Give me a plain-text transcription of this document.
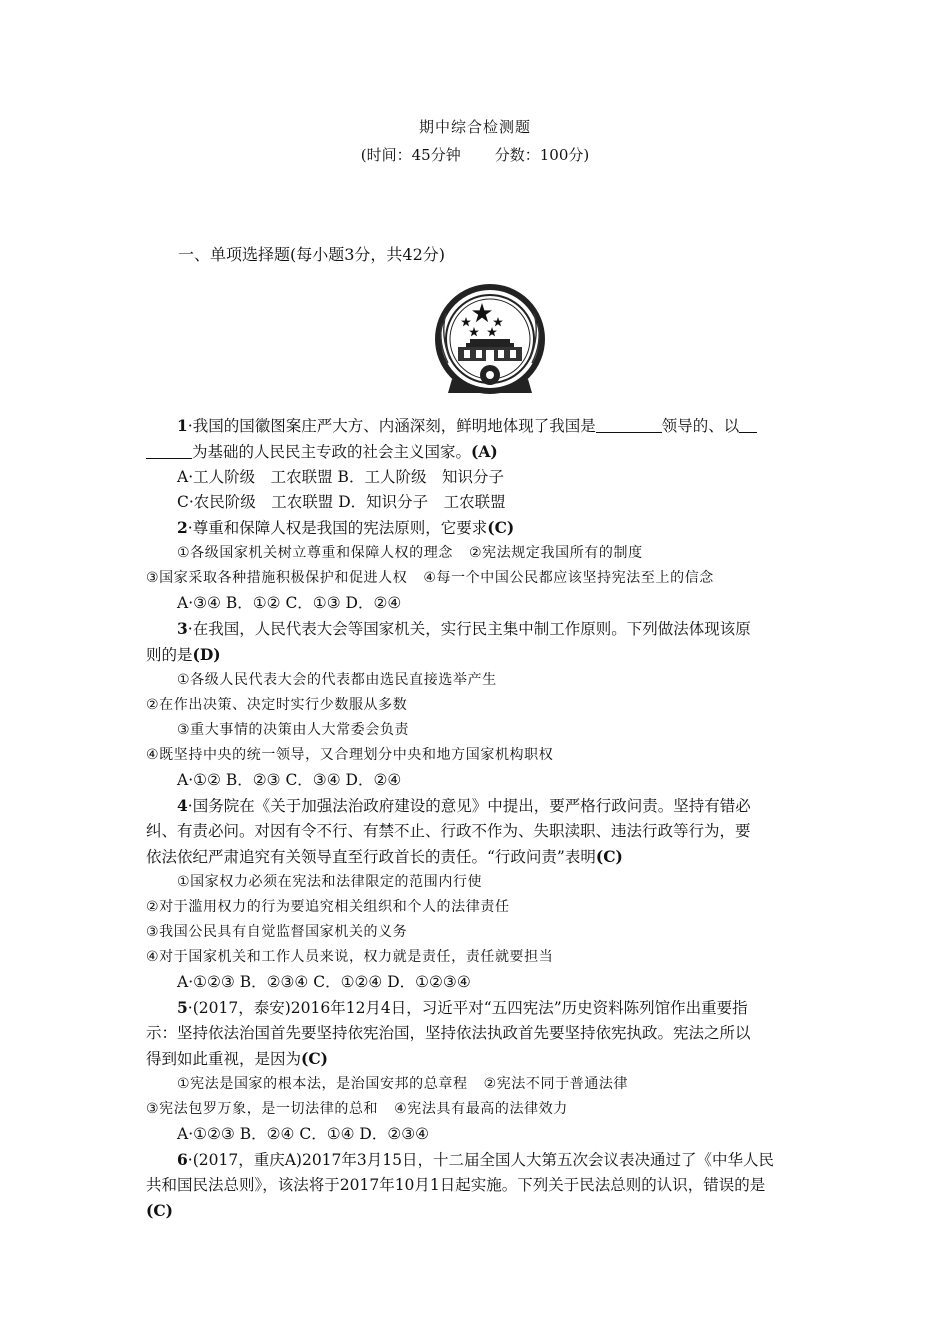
期中综合检测题
(时间：45分钟 分数：100分)
一、单项选择题(每小题3分，共42分)

1·我国的国徽图案庄严大方、内涵深刻，鲜明地体现了我国是	领导的、以

为基础的人民民主专政的社会主义国家。(A)

A·工人阶级　工农联盟 B．工人阶级　知识分子

C·农民阶级　工农联盟 D．知识分子　工农联盟

2·尊重和保障人权是我国的宪法原则，它要求(C)

①各级国家机关树立尊重和保障人权的理念 ②宪法规定我国所有的制度

③国家采取各种措施积极保护和促进人权 ④每一个中国公民都应该坚持宪法至上的信念

A·③④ B．①② C．①③ D．②④

3·在我国，人民代表大会等国家机关，实行民主集中制工作原则。下列做法体现该原

则的是(D)

①各级人民代表大会的代表都由选民直接选举产生

②在作出决策、决定时实行少数服从多数

③重大事情的决策由人大常委会负责

④既坚持中央的统一领导，又合理划分中央和地方国家机构职权

A·①② B．②③ C．③④ D．②④

4·国务院在《关于加强法治政府建设的意见》中提出，要严格行政问责。坚持有错必

纠、有责必问。对因有令不行、有禁不止、行政不作为、失职渎职、违法行政等行为，要

依法依纪严肃追究有关领导直至行政首长的责任。“行政问责”表明(C)

①国家权力必须在宪法和法律限定的范围内行使

②对于滥用权力的行为要追究相关组织和个人的法律责任

③我国公民具有自觉监督国家机关的义务

④对于国家机关和工作人员来说，权力就是责任，责任就要担当

A·①②③ B．②③④ C．①②④ D．①②③④

5·(2017，泰安)2016年12月4日，习近平对“五四宪法”历史资料陈列馆作出重要指

示：坚持依法治国首先要坚持依宪治国，坚持依法执政首先要坚持依宪执政。宪法之所以

得到如此重视，是因为(C)

①宪法是国家的根本法，是治国安邦的总章程 ②宪法不同于普通法律

③宪法包罗万象，是一切法律的总和 ④宪法具有最高的法律效力

A·①②③ B．②④ C．①④ D．②③④

6·(2017，重庆A)2017年3月15日，十二届全国人大第五次会议表决通过了《中华人民

共和国民法总则》，该法将于2017年10月1日起实施。下列关于民法总则的认识，错误的是

(C)
